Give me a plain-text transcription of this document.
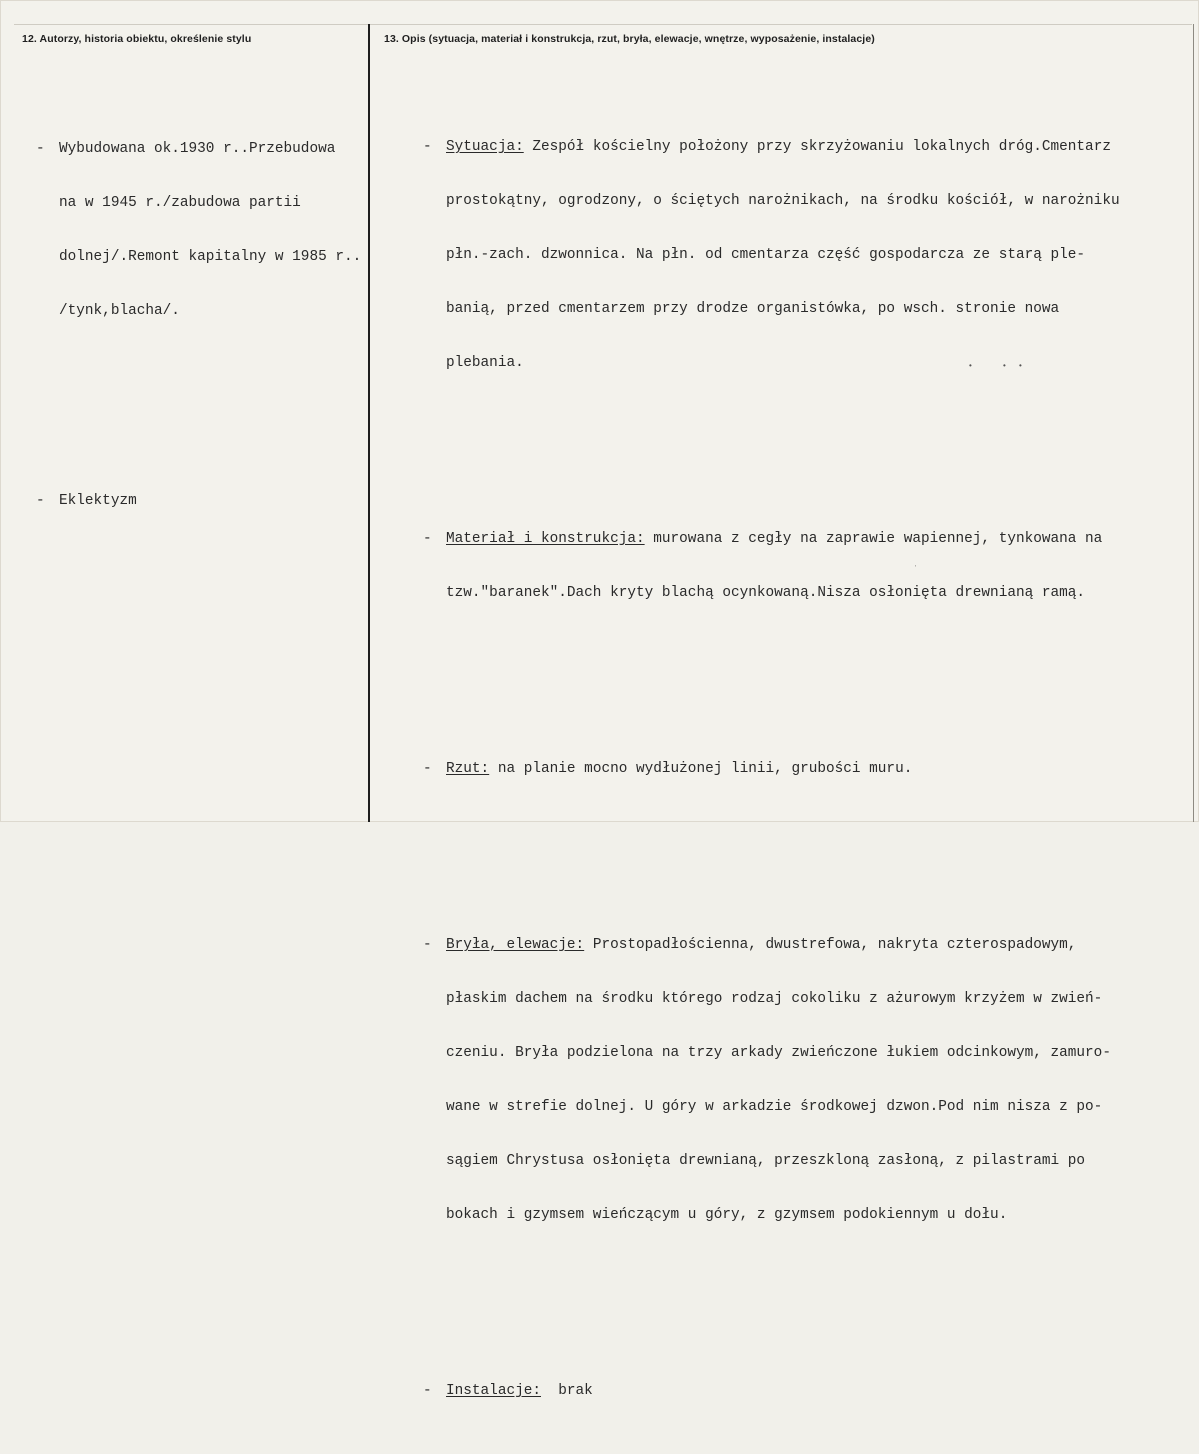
12. Autorzy, historia obiektu, określenie stylu	13. Opis (sytuacja, materiał i konstrukcja, rzut, bryła, elewacje, wnętrze, wyposażenie, instalacje)

- Wybudowana ok.1930 r..Przebudowa

na w 1945 r./zabudowa partii

dolnej/.Remont kapitalny w 1985 r..

/tynk,blacha/.

- Eklektyzm

- Sytuacja: Zespół kościelny położony przy skrzyżowaniu lokalnych dróg.Cmentarz

prostokątny, ogrodzony, o ściętych narożnikach, na środku kościół, w narożniku

płn.-zach. dzwonnica. Na płn. od cmentarza część gospodarcza ze starą ple-

banią, przed cmentarzem przy drodze organistówka, po wsch. stronie nowa

plebania.

- Materiał i konstrukcja: murowana z cegły na zaprawie wapiennej, tynkowana na

tzw."baranek".Dach kryty blachą ocynkowaną.Nisza osłonięta drewnianą ramą.

- Rzut: na planie mocno wydłużonej linii, grubości muru.

- Bryła, elewacje: Prostopadłościenna, dwustrefowa, nakryta czterospadowym,

płaskim dachem na środku którego rodzaj cokoliku z ażurowym krzyżem w zwień-

czeniu. Bryła podzielona na trzy arkady zwieńczone łukiem odcinkowym, zamuro-

wane w strefie dolnej. U góry w arkadzie środkowej dzwon.Pod nim nisza z po-

sągiem Chrystusa osłonięta drewnianą, przeszkloną zasłoną, z pilastrami po

bokach i gzymsem wieńczącym u góry, z gzymsem podokiennym u dołu.

- Instalacje:  brak

•	• •
ˈ
